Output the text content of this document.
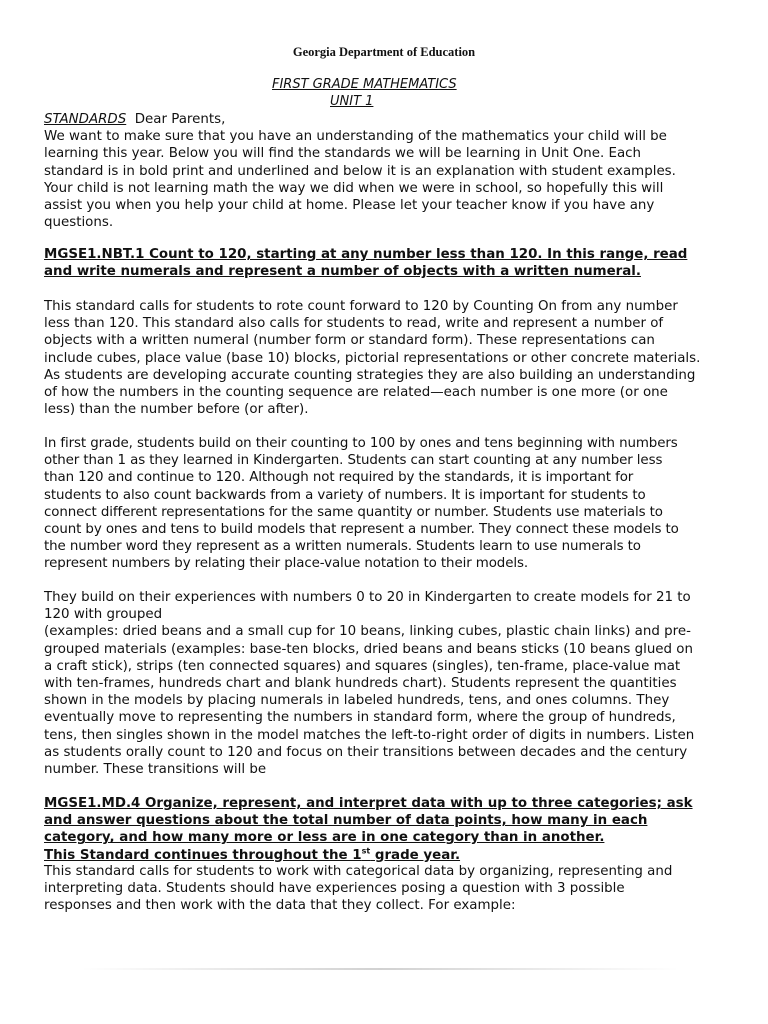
Georgia Department of Education
FIRST GRADE MATHEMATICS
UNIT 1
STANDARDS Dear Parents,
We want to make sure that you have an understanding of the mathematics your child will be
learning this year. Below you will find the standards we will be learning in Unit One. Each
standard is in bold print and underlined and below it is an explanation with student examples.
Your child is not learning math the way we did when we were in school, so hopefully this will
assist you when you help your child at home. Please let your teacher know if you have any
questions.
MGSE1.NBT.1 Count to 120, starting at any number less than 120. In this range, read
and write numerals and represent a number of objects with a written numeral.
This standard calls for students to rote count forward to 120 by Counting On from any number
less than 120. This standard also calls for students to read, write and represent a number of
objects with a written numeral (number form or standard form). These representations can
include cubes, place value (base 10) blocks, pictorial representations or other concrete materials.
As students are developing accurate counting strategies they are also building an understanding
of how the numbers in the counting sequence are related—each number is one more (or one
less) than the number before (or after).
In first grade, students build on their counting to 100 by ones and tens beginning with numbers
other than 1 as they learned in Kindergarten. Students can start counting at any number less
than 120 and continue to 120. Although not required by the standards, it is important for
students to also count backwards from a variety of numbers. It is important for students to
connect different representations for the same quantity or number. Students use materials to
count by ones and tens to build models that represent a number. They connect these models to
the number word they represent as a written numerals. Students learn to use numerals to
represent numbers by relating their place-value notation to their models.
They build on their experiences with numbers 0 to 20 in Kindergarten to create models for 21 to
120 with grouped
(examples: dried beans and a small cup for 10 beans, linking cubes, plastic chain links) and pre-
grouped materials (examples: base-ten blocks, dried beans and beans sticks (10 beans glued on
a craft stick), strips (ten connected squares) and squares (singles), ten-frame, place-value mat
with ten-frames, hundreds chart and blank hundreds chart). Students represent the quantities
shown in the models by placing numerals in labeled hundreds, tens, and ones columns. They
eventually move to representing the numbers in standard form, where the group of hundreds,
tens, then singles shown in the model matches the left-to-right order of digits in numbers. Listen
as students orally count to 120 and focus on their transitions between decades and the century
number. These transitions will be
MGSE1.MD.4 Organize, represent, and interpret data with up to three categories; ask
and answer questions about the total number of data points, how many in each
category, and how many more or less are in one category than in another.
This Standard continues throughout the 1st grade year.
This standard calls for students to work with categorical data by organizing, representing and
interpreting data. Students should have experiences posing a question with 3 possible
responses and then work with the data that they collect. For example:
